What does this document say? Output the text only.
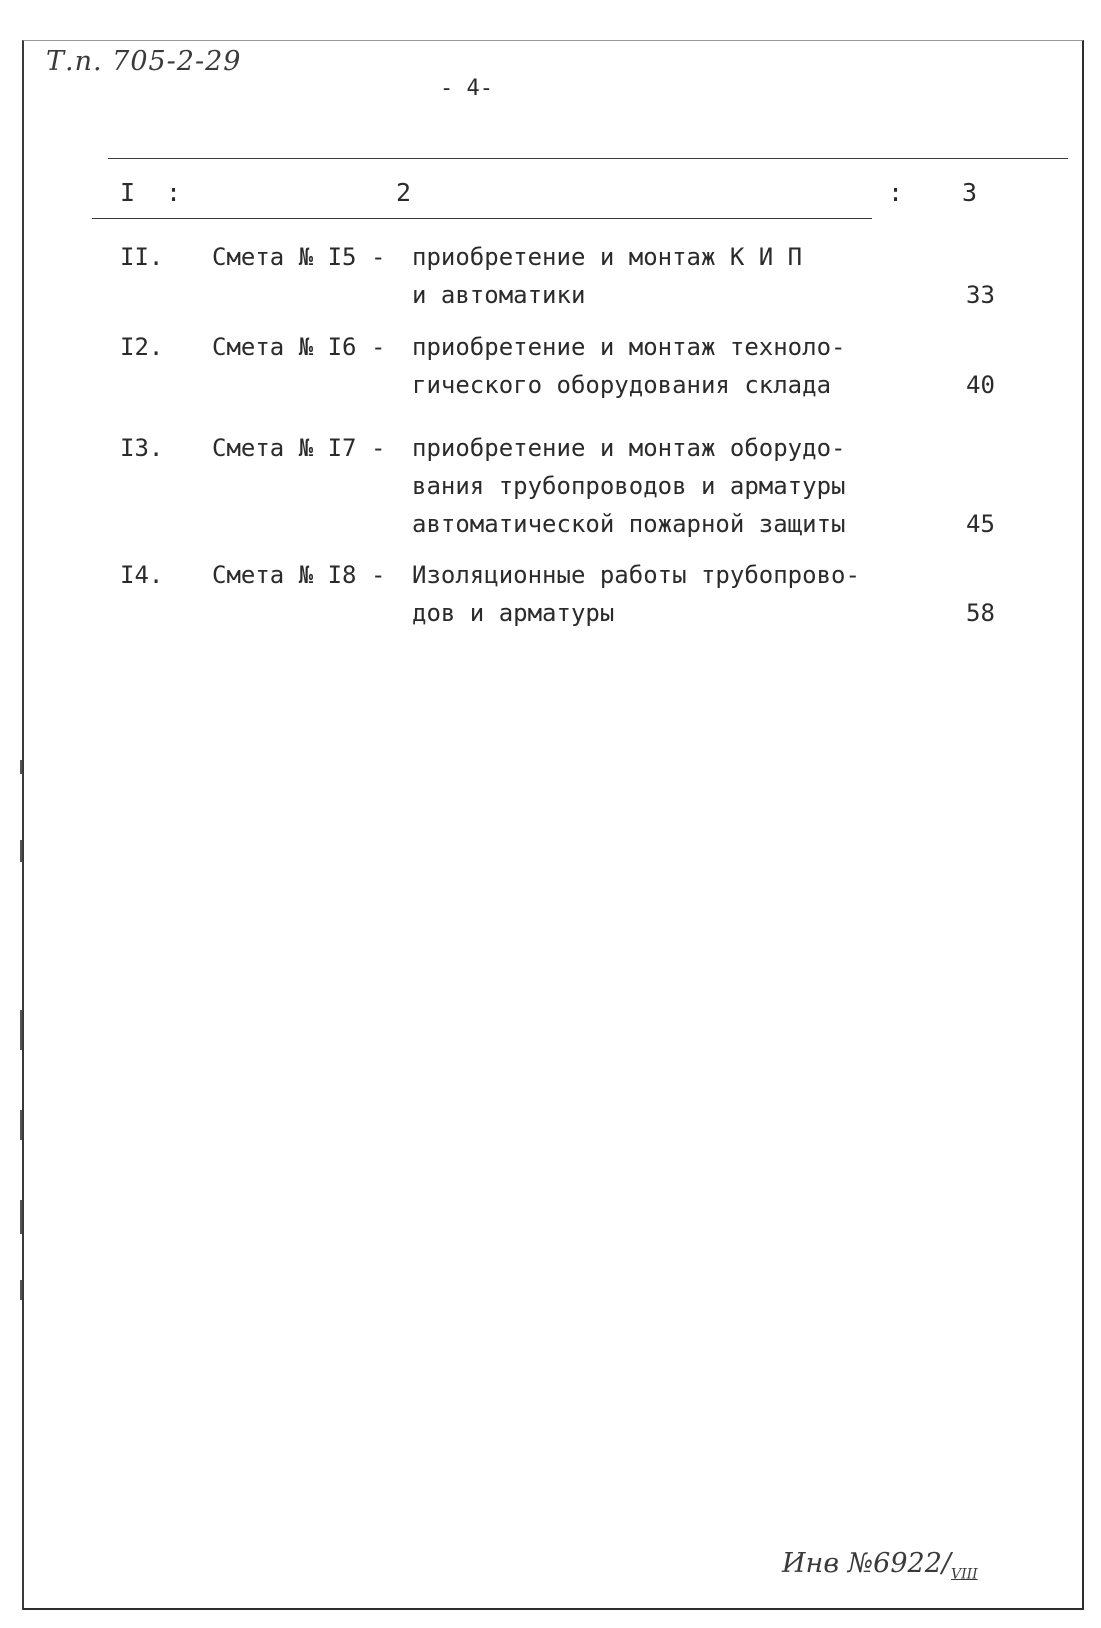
Т.п. 705-2-29
- 4-
I :	2	: 3
II. Смета № I5 - приобретение и монтаж К И П
и автоматики	33
I2. Смета № I6 - приобретение и монтаж техноло-
гического оборудования склада	40
I3. Смета № I7 - приобретение и монтаж оборудо-
вания трубопроводов и арматуры
автоматической пожарной защиты	45
I4. Смета № I8 - Изоляционные работы трубопрово-
дов и арматуры	58
Инв $№6922/_{VIII}$
